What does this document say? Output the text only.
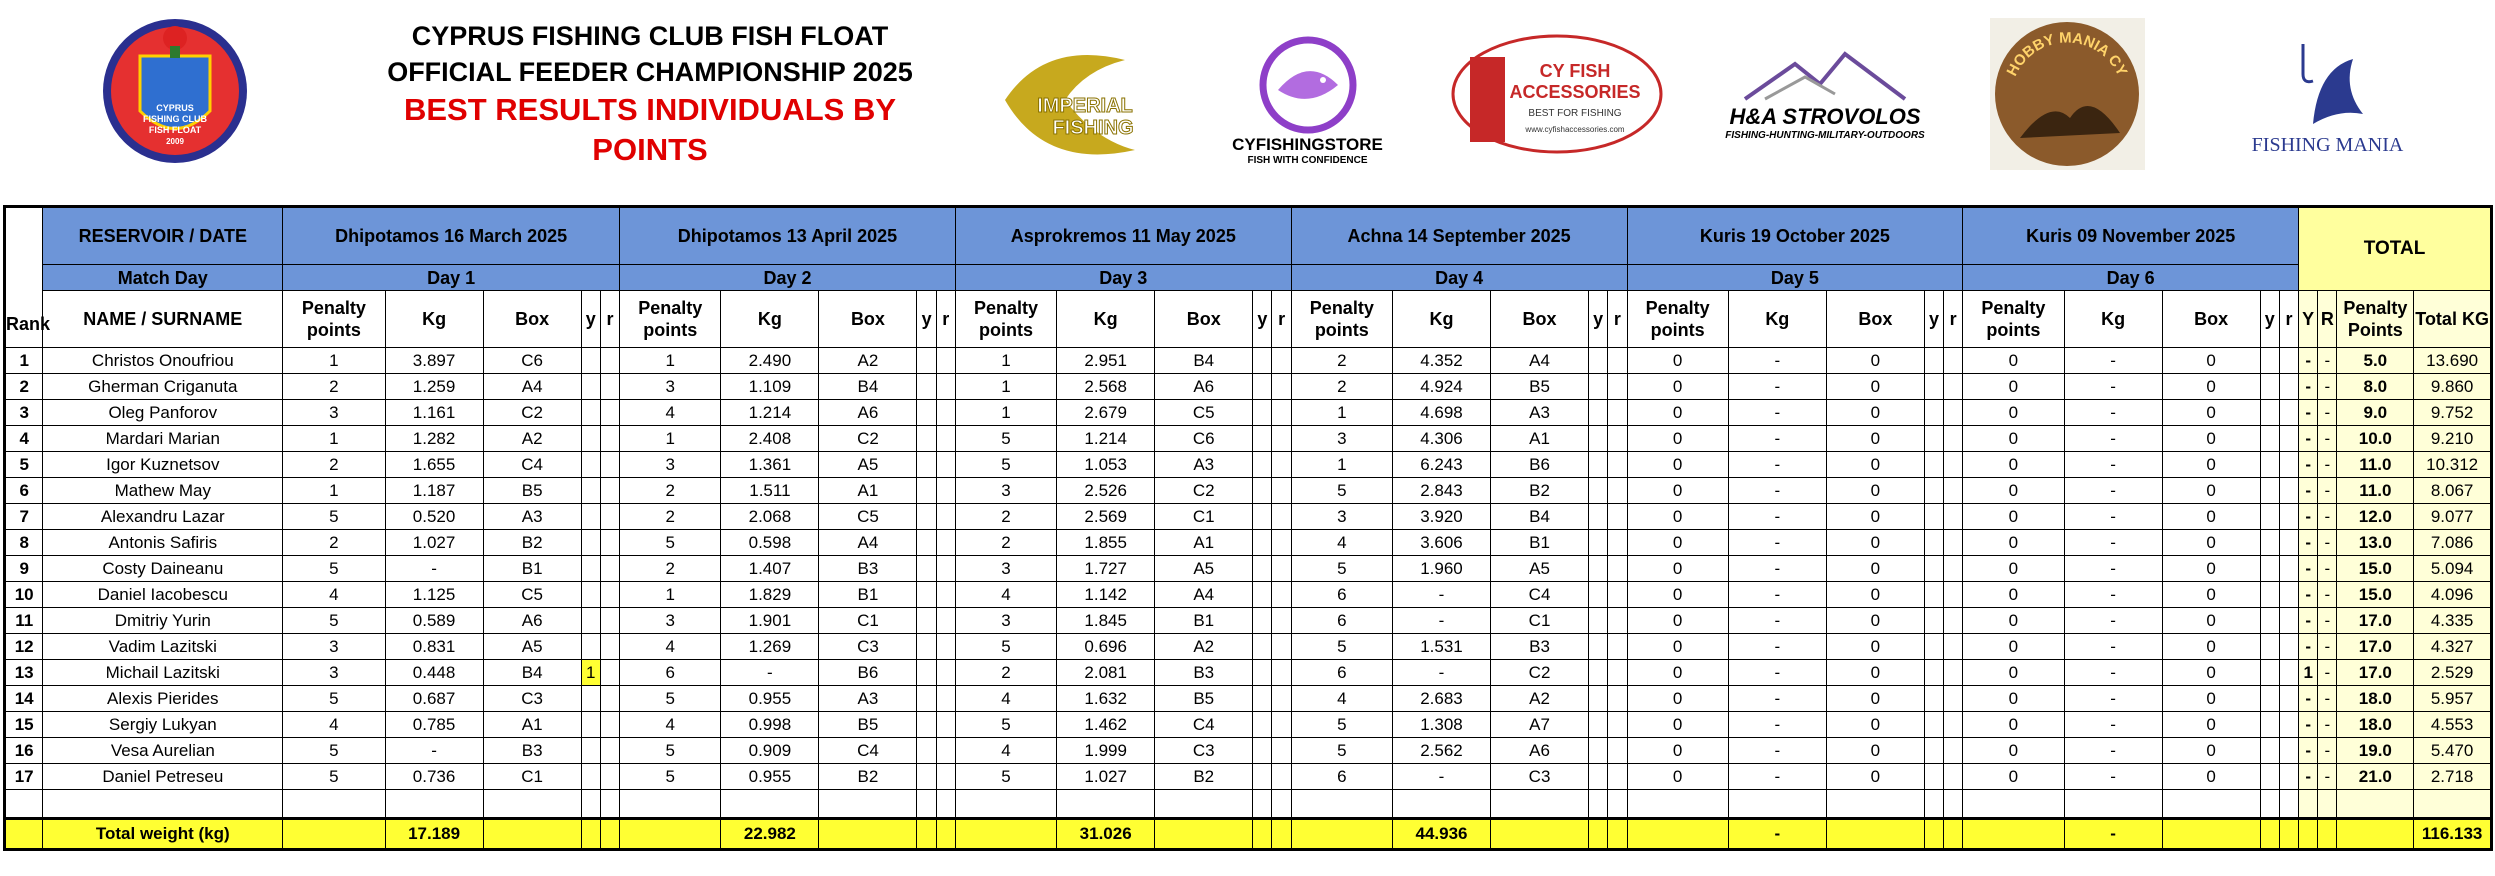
CYPRUS
FISHING CLUB
FISH FLOAT
2009
CYPRUS FISHING CLUB FISH FLOAT
OFFICIAL FEEDER CHAMPIONSHIP 2025
BEST RESULTS INDIVIDUALS BY POINTS
IMPERIAL
FISHING
CYFISHINGSTORE
FISH WITH CONFIDENCE
CY FISH
ACCESSORIES
BEST FOR FISHING
www.cyfishaccessories.com
H&A STROVOLOS
FISHING-HUNTING-MILITARY-OUTDOORS
HOBBY MANIA CY
FISHING MANIA
Rank	RESERVOIR / DATE	Dhipotamos 16 March 2025					Dhipotamos 13 April 2025					Asprokremos 11 May 2025					Achna 14 September 2025					Kuris 19 October 2025					Kuris 09 November 2025					TOTAL			
	Match Day	Day 1					Day 2					Day 3					Day 4					Day 5					Day 6								
	NAME / SURNAME	Penalty points	Kg	Box	y	r	Penalty points	Kg	Box	y	r	Penalty points	Kg	Box	y	r	Penalty points	Kg	Box	y	r	Penalty points	Kg	Box	y	r	Penalty points	Kg	Box	y	r	Y	R	Penalty Points	Total KG
1	Christos Onoufriou	1	3.897	C6			1	2.490	A2			1	2.951	B4			2	4.352	A4			0	-	0			0	-	0			-	-	5.0	13.690
2	Gherman Criganuta	2	1.259	A4			3	1.109	B4			1	2.568	A6			2	4.924	B5			0	-	0			0	-	0			-	-	8.0	9.860
3	Oleg Panforov	3	1.161	C2			4	1.214	A6			1	2.679	C5			1	4.698	A3			0	-	0			0	-	0			-	-	9.0	9.752
4	Mardari Marian	1	1.282	A2			1	2.408	C2			5	1.214	C6			3	4.306	A1			0	-	0			0	-	0			-	-	10.0	9.210
5	Igor Kuznetsov	2	1.655	C4			3	1.361	A5			5	1.053	A3			1	6.243	B6			0	-	0			0	-	0			-	-	11.0	10.312
6	Mathew May	1	1.187	B5			2	1.511	A1			3	2.526	C2			5	2.843	B2			0	-	0			0	-	0			-	-	11.0	8.067
7	Alexandru Lazar	5	0.520	A3			2	2.068	C5			2	2.569	C1			3	3.920	B4			0	-	0			0	-	0			-	-	12.0	9.077
8	Antonis Safiris	2	1.027	B2			5	0.598	A4			2	1.855	A1			4	3.606	B1			0	-	0			0	-	0			-	-	13.0	7.086
9	Costy Daineanu	5	-	B1			2	1.407	B3			3	1.727	A5			5	1.960	A5			0	-	0			0	-	0			-	-	15.0	5.094
10	Daniel Iacobescu	4	1.125	C5			1	1.829	B1			4	1.142	A4			6	-	C4			0	-	0			0	-	0			-	-	15.0	4.096
11	Dmitriy Yurin	5	0.589	A6			3	1.901	C1			3	1.845	B1			6	-	C1			0	-	0			0	-	0			-	-	17.0	4.335
12	Vadim Lazitski	3	0.831	A5			4	1.269	C3			5	0.696	A2			5	1.531	B3			0	-	0			0	-	0			-	-	17.0	4.327
13	Michail Lazitski	3	0.448	B4	1		6	-	B6			2	2.081	B3			6	-	C2			0	-	0			0	-	0			1	-	17.0	2.529
14	Alexis Pierides	5	0.687	C3			5	0.955	A3			4	1.632	B5			4	2.683	A2			0	-	0			0	-	0			-	-	18.0	5.957
15	Sergiy Lukyan	4	0.785	A1			4	0.998	B5			5	1.462	C4			5	1.308	A7			0	-	0			0	-	0			-	-	18.0	4.553
16	Vesa Aurelian	5	-	B3			5	0.909	C4			4	1.999	C3			5	2.562	A6			0	-	0			0	-	0			-	-	19.0	5.470
17	Daniel Petreseu	5	0.736	C1			5	0.955	B2			5	1.027	B2			6	-	C3			0	-	0			0	-	0			-	-	21.0	2.718

	Total weight (kg)		17.189					22.982					31.026					44.936					-					-							116.133
